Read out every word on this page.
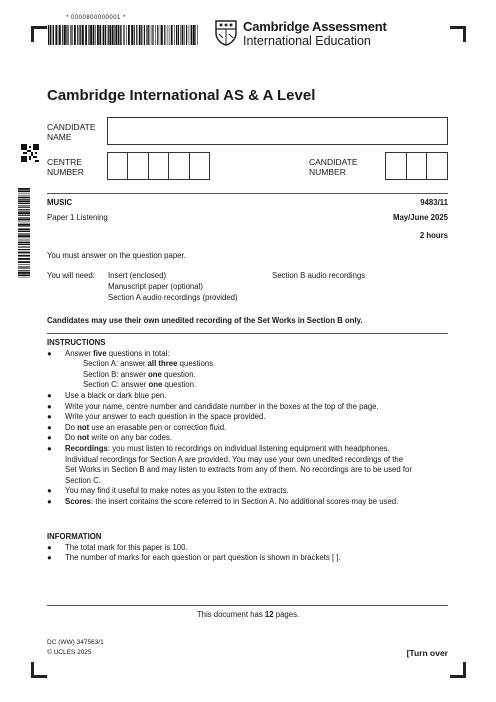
* 0000800000001 *
Cambridge Assessment
International Education
Cambridge International AS & A Level
CANDIDATE NAME
CENTRE NUMBER
CANDIDATE NUMBER
MUSIC	9483/11
Paper 1 Listening	May/June 2025
2 hours
You must answer on the question paper.
You will need: Insert (enclosed)
Manuscript paper (optional)
Section A audio recordings (provided)
Section B audio recordings
Candidates may use their own unedited recording of the Set Works in Section B only.
INSTRUCTIONS
● Answer five questions in total:
Section A: answer all three questions.
Section B: answer one question.
Section C: answer one question.
● Use a black or dark blue pen.
● Write your name, centre number and candidate number in the boxes at the top of the page.
● Write your answer to each question in the space provided.
● Do not use an erasable pen or correction fluid.
● Do not write on any bar codes.
● Recordings: you must listen to recordings on individual listening equipment with headphones.
Individual recordings for Section A are provided. You may use your own unedited recordings of the
Set Works in Section B and may listen to extracts from any of them. No recordings are to be used for
Section C.
● You may find it useful to make notes as you listen to the extracts.
● Scores: the insert contains the score referred to in Section A. No additional scores may be used.
INFORMATION
● The total mark for this paper is 100.
● The number of marks for each question or part question is shown in brackets [ ].
This document has 12 pages.
DC (WW) 347563/1
© UCLES 2025	[Turn over
